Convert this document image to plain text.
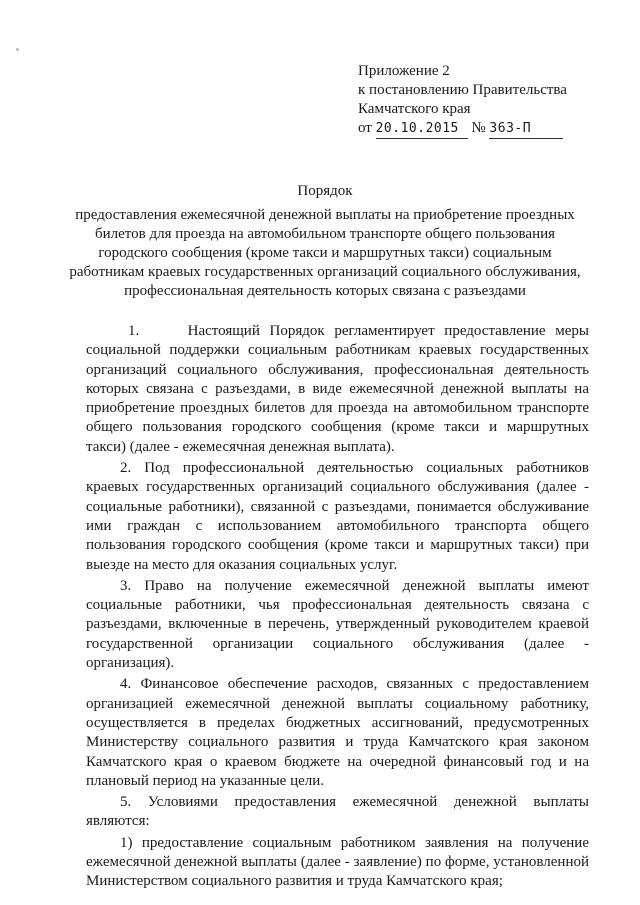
Приложение 2
к постановлению Правительства
Камчатского края
от 20.10.2015 № 363-П
Порядок
предоставления ежемесячной денежной выплаты на приобретение проездных билетов для проезда на автомобильном транспорте общего пользования городского сообщения (кроме такси и маршрутных такси) социальным работникам краевых государственных организаций социального обслуживания, профессиональная деятельность которых связана с разъездами

1.     Настоящий Порядок регламентирует предоставление меры социальной поддержки социальным работникам краевых государственных организаций социального обслуживания, профессиональная деятельность которых связана с разъездами, в виде ежемесячной денежной выплаты на приобретение проездных билетов для проезда на автомобильном транспорте общего пользования городского сообщения (кроме такси и маршрутных такси) (далее - ежемесячная денежная выплата).

2. Под профессиональной деятельностью социальных работников краевых государственных организаций социального обслуживания (далее - социальные работники), связанной с разъездами, понимается обслуживание ими граждан с использованием автомобильного транспорта общего пользования городского сообщения (кроме такси и маршрутных такси) при выезде на место для оказания социальных услуг.

3. Право на получение ежемесячной денежной выплаты имеют социальные работники, чья профессиональная деятельность связана с разъездами, включенные в перечень, утвержденный руководителем краевой государственной организации социального обслуживания (далее - организация).

4. Финансовое обеспечение расходов, связанных с предоставлением организацией ежемесячной денежной выплаты социальному работнику, осуществляется в пределах бюджетных ассигнований, предусмотренных Министерству социального развития и труда Камчатского края законом Камчатского края о краевом бюджете на очередной финансовый год и на плановый период на указанные цели.

5. Условиями предоставления ежемесячной денежной выплаты являются:

1) предоставление социальным работником заявления на получение ежемесячной денежной выплаты (далее - заявление) по форме, установленной Министерством социального развития и труда Камчатского края;
